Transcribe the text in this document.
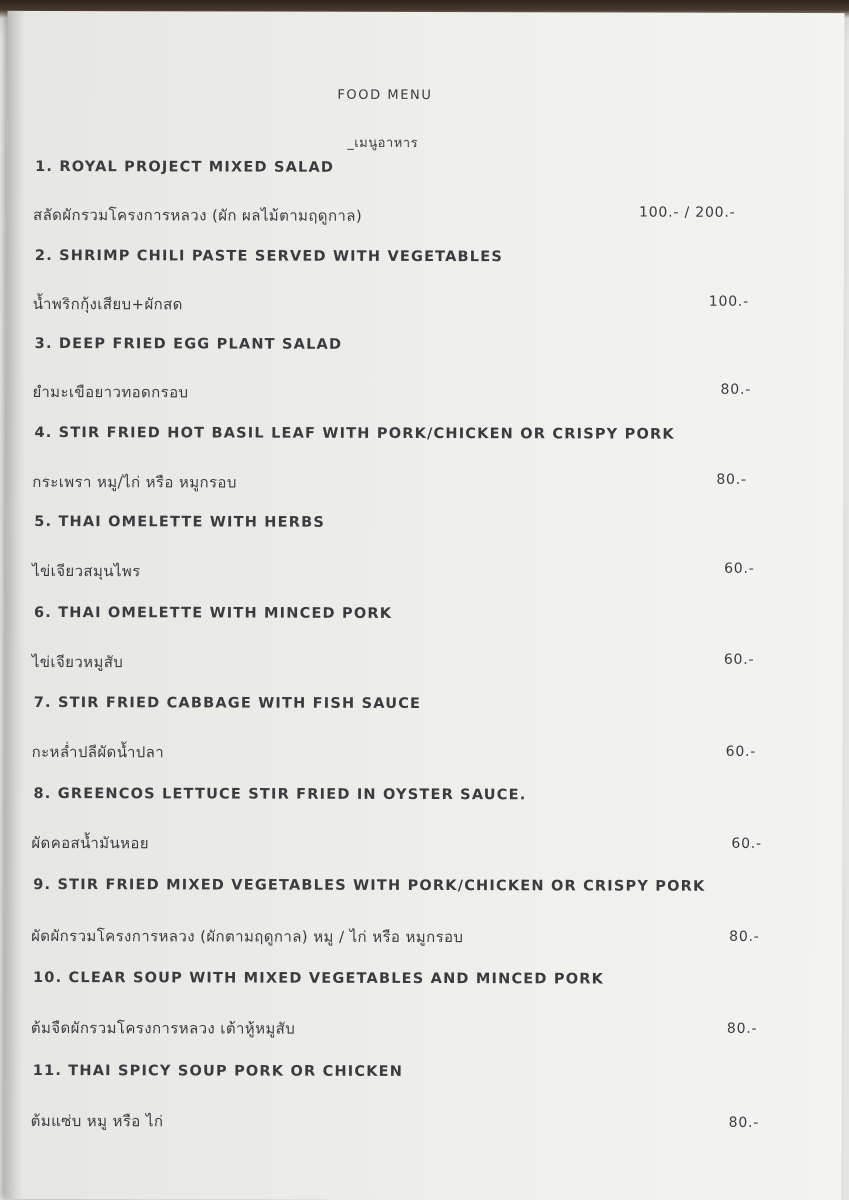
FOOD MENU
_เมนูอาหาร
1. ROYAL PROJECT MIXED SALAD
สลัดผักรวมโครงการหลวง (ผัก ผลไม้ตามฤดูกาล)	100.- / 200.-
2. SHRIMP CHILI PASTE SERVED WITH VEGETABLES
น้ำพริกกุ้งเสียบ+ผักสด	100.-
3. DEEP FRIED EGG PLANT SALAD
ยำมะเขือยาวทอดกรอบ	80.-
4. STIR FRIED HOT BASIL LEAF WITH PORK/CHICKEN OR CRISPY PORK
กระเพรา หมู/ไก่ หรือ หมูกรอบ	80.-
5. THAI OMELETTE WITH HERBS
ไข่เจียวสมุนไพร	60.-
6. THAI OMELETTE WITH MINCED PORK
ไข่เจียวหมูสับ	60.-
7. STIR FRIED CABBAGE WITH FISH SAUCE
กะหล่ำปลีผัดน้ำปลา	60.-
8. GREENCOS LETTUCE STIR FRIED IN OYSTER SAUCE.
ผัดคอสน้ำมันหอย	60.-
9. STIR FRIED MIXED VEGETABLES WITH PORK/CHICKEN OR CRISPY PORK
ผัดผักรวมโครงการหลวง (ผักตามฤดูกาล) หมู / ไก่ หรือ หมูกรอบ	80.-
10. CLEAR SOUP WITH MIXED VEGETABLES AND MINCED PORK
ต้มจืดผักรวมโครงการหลวง เต้าหู้หมูสับ	80.-
11. THAI SPICY SOUP PORK OR CHICKEN
ต้มแซ่บ หมู หรือ ไก่	80.-
